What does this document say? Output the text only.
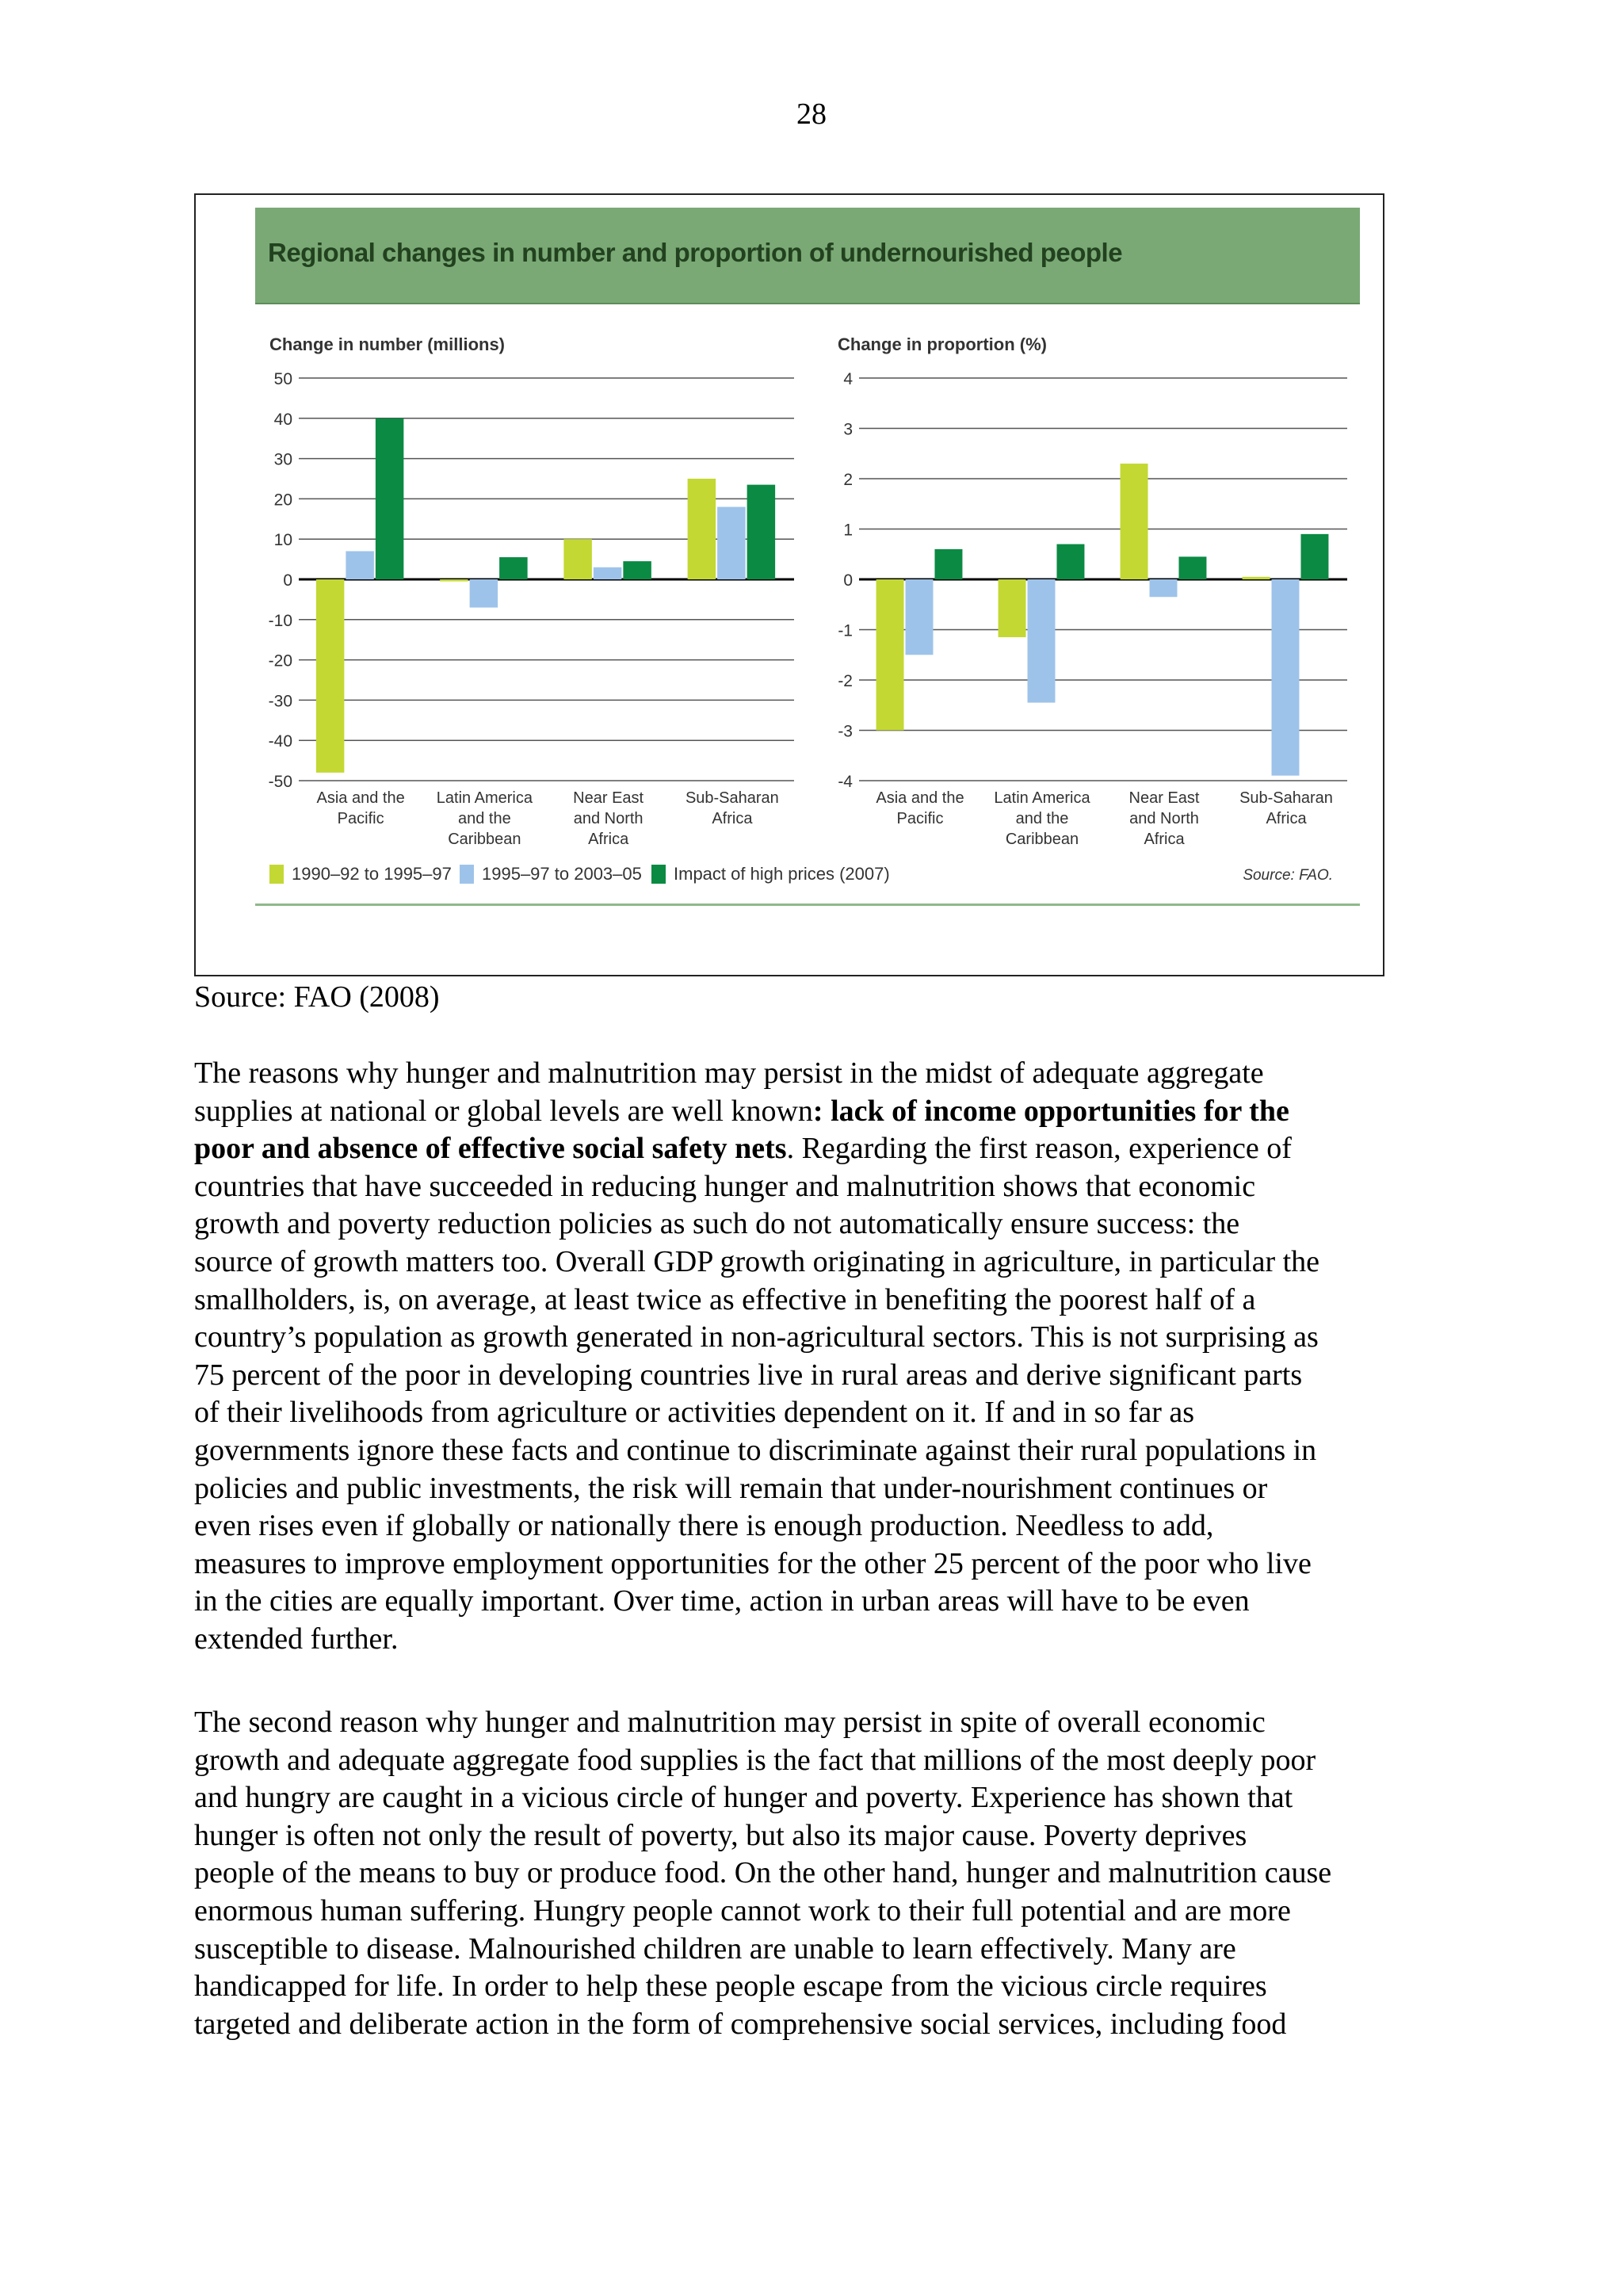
28
Regional changes in number and proportion of undernourished people
Change in number (millions)
50
40
30
20
10
0
-10
-20
-30
-40
-50
Asia and the
Pacific
Latin America
and the
Caribbean
Near East
and North
Africa
Sub-Saharan
Africa
Change in proportion (%)
4
3
2
1
0
-1
-2
-3
-4
Asia and the
Pacific
Latin America
and the
Caribbean
Near East
and North
Africa
Sub-Saharan
Africa
1990–92 to 1995–97 1995–97 to 2003–05 Impact of high prices (2007)	Source: FAO.
Source: FAO (2008)
The reasons why hunger and malnutrition may persist in the midst of adequate aggregate
supplies at national or global levels are well known: lack of income opportunities for the
poor and absence of effective social safety nets. Regarding the first reason, experience of
countries that have succeeded in reducing hunger and malnutrition shows that economic
growth and poverty reduction policies as such do not automatically ensure success: the
source of growth matters too. Overall GDP growth originating in agriculture, in particular the
smallholders, is, on average, at least twice as effective in benefiting the poorest half of a
country’s population as growth generated in non-agricultural sectors. This is not surprising as
75 percent of the poor in developing countries live in rural areas and derive significant parts
of their livelihoods from agriculture or activities dependent on it. If and in so far as
governments ignore these facts and continue to discriminate against their rural populations in
policies and public investments, the risk will remain that under-nourishment continues or
even rises even if globally or nationally there is enough production. Needless to add,
measures to improve employment opportunities for the other 25 percent of the poor who live
in the cities are equally important. Over time, action in urban areas will have to be even
extended further.
The second reason why hunger and malnutrition may persist in spite of overall economic
growth and adequate aggregate food supplies is the fact that millions of the most deeply poor
and hungry are caught in a vicious circle of hunger and poverty. Experience has shown that
hunger is often not only the result of poverty, but also its major cause. Poverty deprives
people of the means to buy or produce food. On the other hand, hunger and malnutrition cause
enormous human suffering. Hungry people cannot work to their full potential and are more
susceptible to disease. Malnourished children are unable to learn effectively. Many are
handicapped for life. In order to help these people escape from the vicious circle requires
targeted and deliberate action in the form of comprehensive social services, including food
